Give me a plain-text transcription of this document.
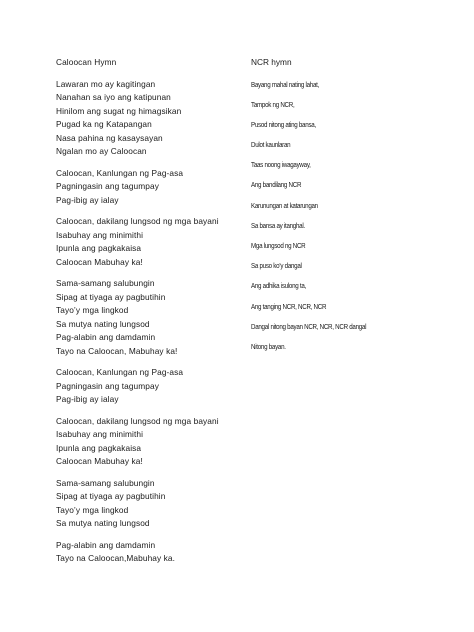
Caloocan Hymn
Lawaran mo ay kagitingan
Nanahan sa iyo ang katipunan
Hinilom ang sugat ng himagsikan
Pugad ka ng Katapangan
Nasa pahina ng kasaysayan
Ngalan mo ay Caloocan
Caloocan, Kanlungan ng Pag-asa
Pagningasin ang tagumpay
Pag-ibig ay ialay
Caloocan, dakilang lungsod ng mga bayani
Isabuhay ang minimithi
Ipunla ang pagkakaisa
Caloocan Mabuhay ka!
Sama-samang salubungin
Sipag at tiyaga ay pagbutihin
Tayo’y mga lingkod
Sa mutya nating lungsod
Pag-alabin ang damdamin
Tayo na Caloocan, Mabuhay ka!
Caloocan, Kanlungan ng Pag-asa
Pagningasin ang tagumpay
Pag-ibig ay ialay
Caloocan, dakilang lungsod ng mga bayani
Isabuhay ang minimithi
Ipunla ang pagkakaisa
Caloocan Mabuhay ka!
Sama-samang salubungin
Sipag at tiyaga ay pagbutihin
Tayo’y mga lingkod
Sa mutya nating lungsod
Pag-alabin ang damdamin
Tayo na Caloocan,Mabuhay ka.
NCR hymn
Bayang mahal nating lahat,
Tampok ng NCR,
Pusod nitong ating bansa,
Dulot kaunlaran
Taas noong iwagayway,
Ang bandilang NCR
Karunungan at katarungan
Sa bansa ay itanghal.
Mga lungsod ng NCR
Sa puso ko’y dangal
Ang adhika isulong ta,
Ang tanging NCR, NCR, NCR
Dangal nitong bayan NCR, NCR, NCR dangal
Nitong bayan.
